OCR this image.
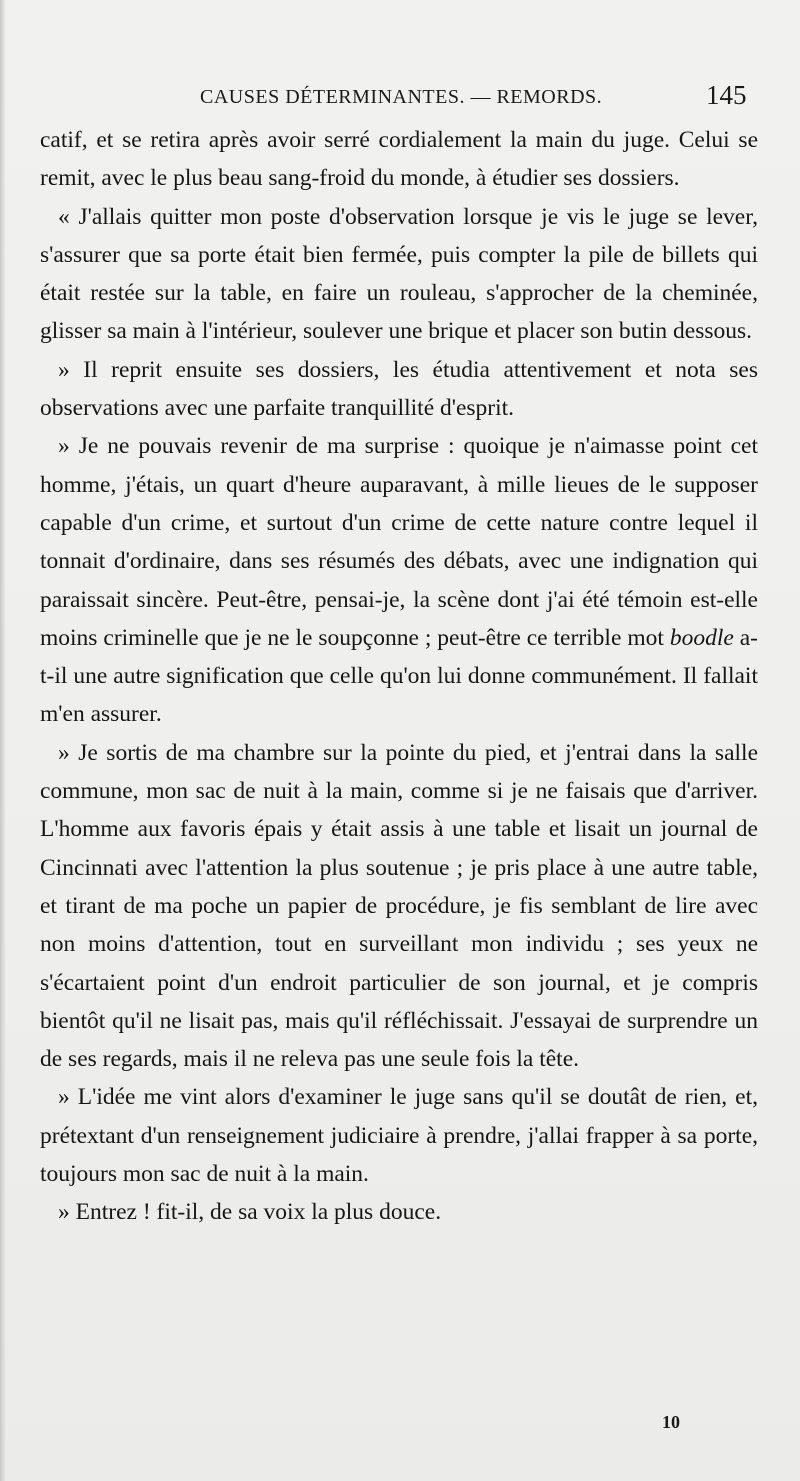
CAUSES DÉTERMINANTES. — REMORDS.	145

catif, et se retira après avoir serré cordialement la main du juge. Celui se remit, avec le plus beau sang-froid du monde, à étudier ses dossiers.

« J'allais quitter mon poste d'observation lorsque je vis le juge se lever, s'assurer que sa porte était bien fermée, puis compter la pile de billets qui était restée sur la table, en faire un rouleau, s'approcher de la cheminée, glisser sa main à l'intérieur, soulever une brique et placer son butin dessous.

» Il reprit ensuite ses dossiers, les étudia attentivement et nota ses observations avec une parfaite tranquillité d'esprit.

» Je ne pouvais revenir de ma surprise : quoique je n'aimasse point cet homme, j'étais, un quart d'heure auparavant, à mille lieues de le supposer capable d'un crime, et surtout d'un crime de cette nature contre lequel il tonnait d'ordinaire, dans ses résumés des débats, avec une indignation qui paraissait sincère. Peut-être, pensai-je, la scène dont j'ai été témoin est-elle moins criminelle que je ne le soupçonne ; peut-être ce terrible mot boodle a-t-il une autre signification que celle qu'on lui donne communément. Il fallait m'en assurer.

» Je sortis de ma chambre sur la pointe du pied, et j'entrai dans la salle commune, mon sac de nuit à la main, comme si je ne faisais que d'arriver. L'homme aux favoris épais y était assis à une table et lisait un journal de Cincinnati avec l'attention la plus soutenue ; je pris place à une autre table, et tirant de ma poche un papier de procédure, je fis semblant de lire avec non moins d'attention, tout en surveillant mon individu ; ses yeux ne s'écartaient point d'un endroit particulier de son journal, et je compris bientôt qu'il ne lisait pas, mais qu'il réfléchissait. J'essayai de surprendre un de ses regards, mais il ne releva pas une seule fois la tête.

» L'idée me vint alors d'examiner le juge sans qu'il se doutât de rien, et, prétextant d'un renseignement judiciaire à prendre, j'allai frapper à sa porte, toujours mon sac de nuit à la main.

» Entrez ! fit-il, de sa voix la plus douce.

10
